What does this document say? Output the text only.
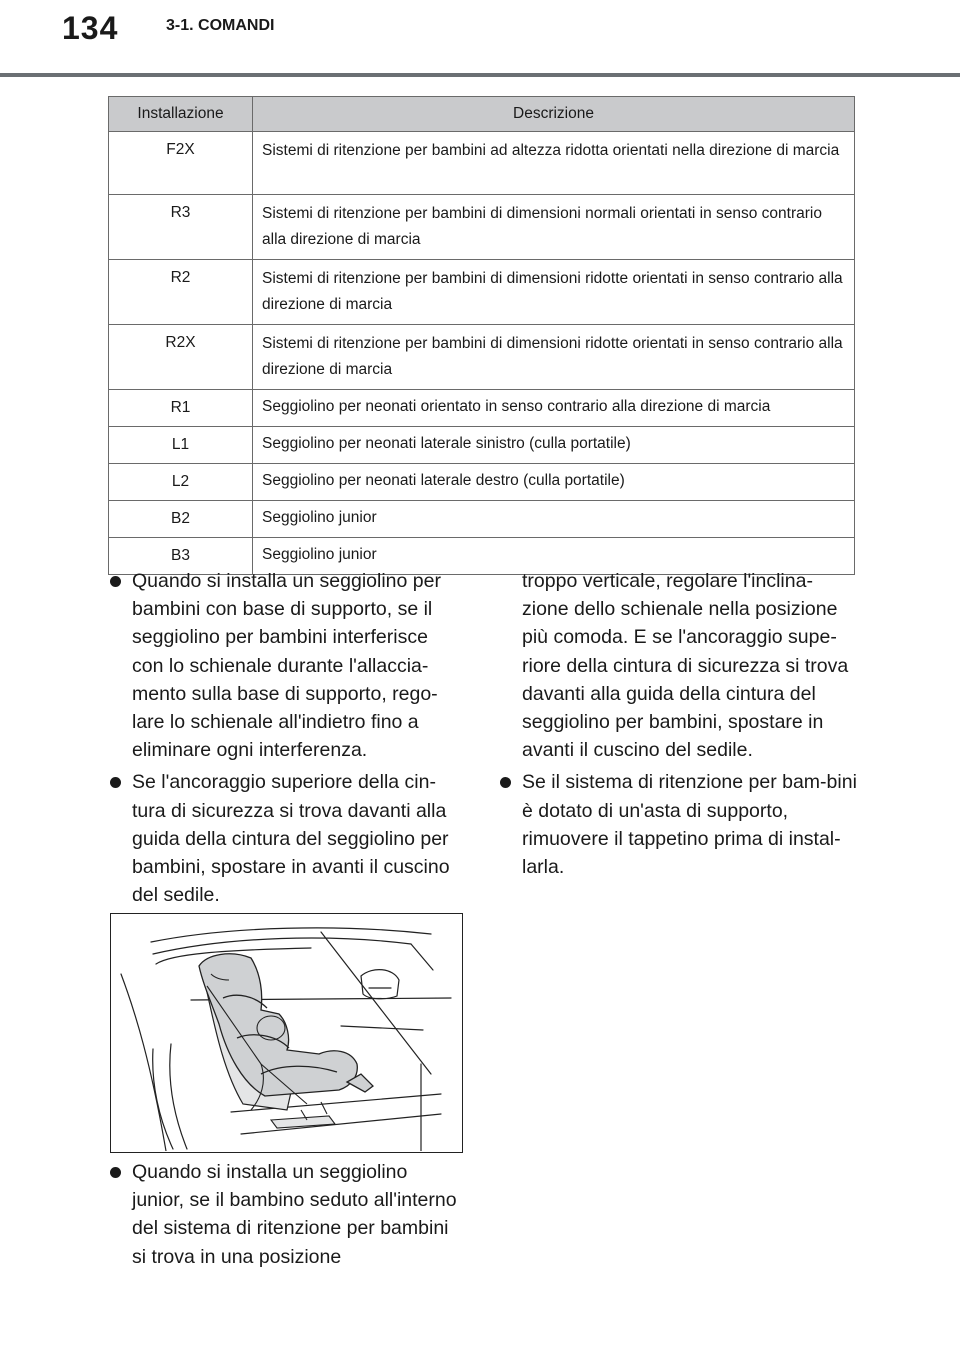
134	3-1. COMANDI
Installazione	Descrizione
F2X	Sistemi di ritenzione per bambini ad altezza ridotta orientati nella direzione di marcia
R3	Sistemi di ritenzione per bambini di dimensioni normali orientati in senso contrario alla direzione di marcia
R2	Sistemi di ritenzione per bambini di dimensioni ridotte orientati in senso contrario alla direzione di marcia
R2X	Sistemi di ritenzione per bambini di dimensioni ridotte orientati in senso contrario alla direzione di marcia
R1	Seggiolino per neonati orientato in senso contrario alla direzione di marcia
L1	Seggiolino per neonati laterale sinistro (culla portatile)
L2	Seggiolino per neonati laterale destro (culla portatile)
B2	Seggiolino junior
B3	Seggiolino junior
Quando si installa un seggiolino per bambini con base di supporto, se il seggiolino per bambini interferisce con lo schienale durante l'allaccia-mento sulla base di supporto, rego-lare lo schienale all'indietro fino a eliminare ogni interferenza.
Se l'ancoraggio superiore della cin-tura di sicurezza si trova davanti alla guida della cintura del seggiolino per bambini, spostare in avanti il cuscino del sedile.
Quando si installa un seggiolino junior, se il bambino seduto all'interno del sistema di ritenzione per bambini si trova in una posizione
troppo verticale, regolare l'inclina-zione dello schienale nella posizione più comoda. E se l'ancoraggio supe-riore della cintura di sicurezza si trova davanti alla guida della cintura del seggiolino per bambini, spostare in avanti il cuscino del sedile.
Se il sistema di ritenzione per bam-bini è dotato di un'asta di supporto, rimuovere il tappetino prima di instal-larla.
